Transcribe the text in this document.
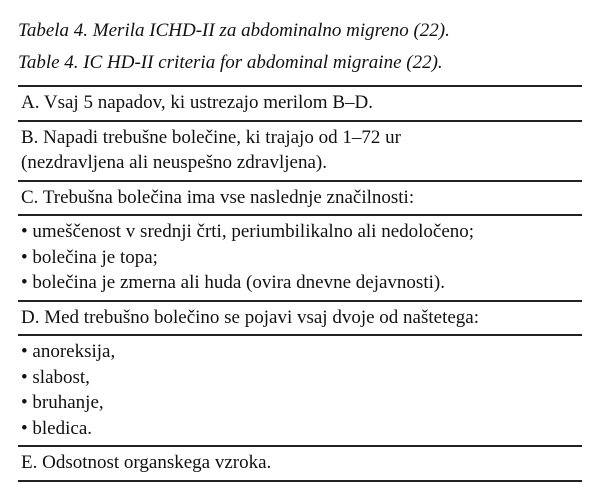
Tabela 4. Merila ICHD-II za abdominalno migreno (22).
Table 4. IC HD-II criteria for abdominal migraine (22).
A. Vsaj 5 napadov, ki ustrezajo merilom B–D.
B. Napadi trebušne bolečine, ki trajajo od 1–72 ur
(nezdravljena ali neuspešno zdravljena).
C. Trebušna bolečina ima vse naslednje značilnosti:
• umeščenost v srednji črti, periumbilikalno ali nedoločeno;
• bolečina je topa;
• bolečina je zmerna ali huda (ovira dnevne dejavnosti).
D. Med trebušno bolečino se pojavi vsaj dvoje od naštetega:
• anoreksija,
• slabost,
• bruhanje,
• bledica.
E. Odsotnost organskega vzroka.
